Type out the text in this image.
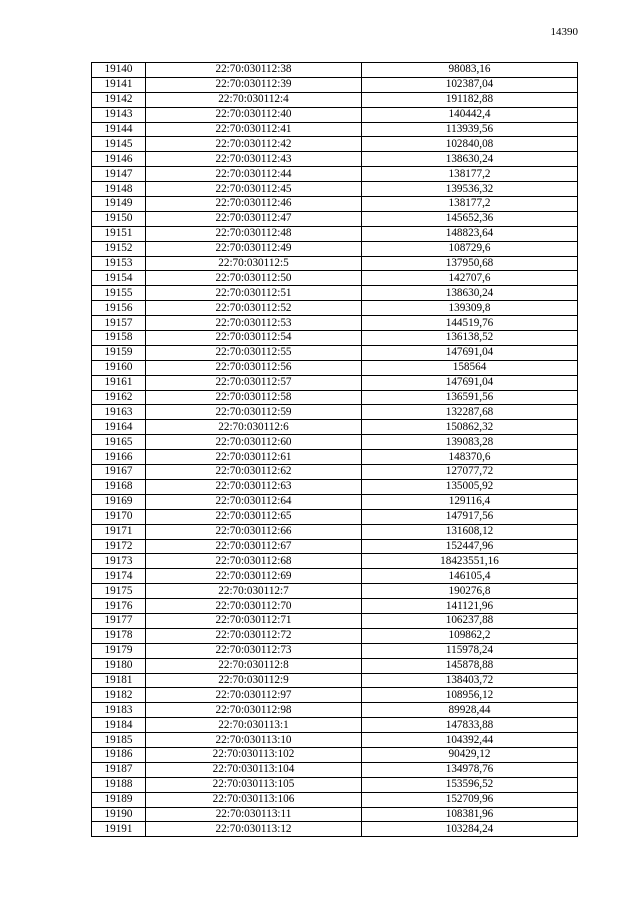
14390
19140	22:70:030112:38	98083,16
19141	22:70:030112:39	102387,04
19142	22:70:030112:4	191182,88
19143	22:70:030112:40	140442,4
19144	22:70:030112:41	113939,56
19145	22:70:030112:42	102840,08
19146	22:70:030112:43	138630,24
19147	22:70:030112:44	138177,2
19148	22:70:030112:45	139536,32
19149	22:70:030112:46	138177,2
19150	22:70:030112:47	145652,36
19151	22:70:030112:48	148823,64
19152	22:70:030112:49	108729,6
19153	22:70:030112:5	137950,68
19154	22:70:030112:50	142707,6
19155	22:70:030112:51	138630,24
19156	22:70:030112:52	139309,8
19157	22:70:030112:53	144519,76
19158	22:70:030112:54	136138,52
19159	22:70:030112:55	147691,04
19160	22:70:030112:56	158564
19161	22:70:030112:57	147691,04
19162	22:70:030112:58	136591,56
19163	22:70:030112:59	132287,68
19164	22:70:030112:6	150862,32
19165	22:70:030112:60	139083,28
19166	22:70:030112:61	148370,6
19167	22:70:030112:62	127077,72
19168	22:70:030112:63	135005,92
19169	22:70:030112:64	129116,4
19170	22:70:030112:65	147917,56
19171	22:70:030112:66	131608,12
19172	22:70:030112:67	152447,96
19173	22:70:030112:68	18423551,16
19174	22:70:030112:69	146105,4
19175	22:70:030112:7	190276,8
19176	22:70:030112:70	141121,96
19177	22:70:030112:71	106237,88
19178	22:70:030112:72	109862,2
19179	22:70:030112:73	115978,24
19180	22:70:030112:8	145878,88
19181	22:70:030112:9	138403,72
19182	22:70:030112:97	108956,12
19183	22:70:030112:98	89928,44
19184	22:70:030113:1	147833,88
19185	22:70:030113:10	104392,44
19186	22:70:030113:102	90429,12
19187	22:70:030113:104	134978,76
19188	22:70:030113:105	153596,52
19189	22:70:030113:106	152709,96
19190	22:70:030113:11	108381,96
19191	22:70:030113:12	103284,24
